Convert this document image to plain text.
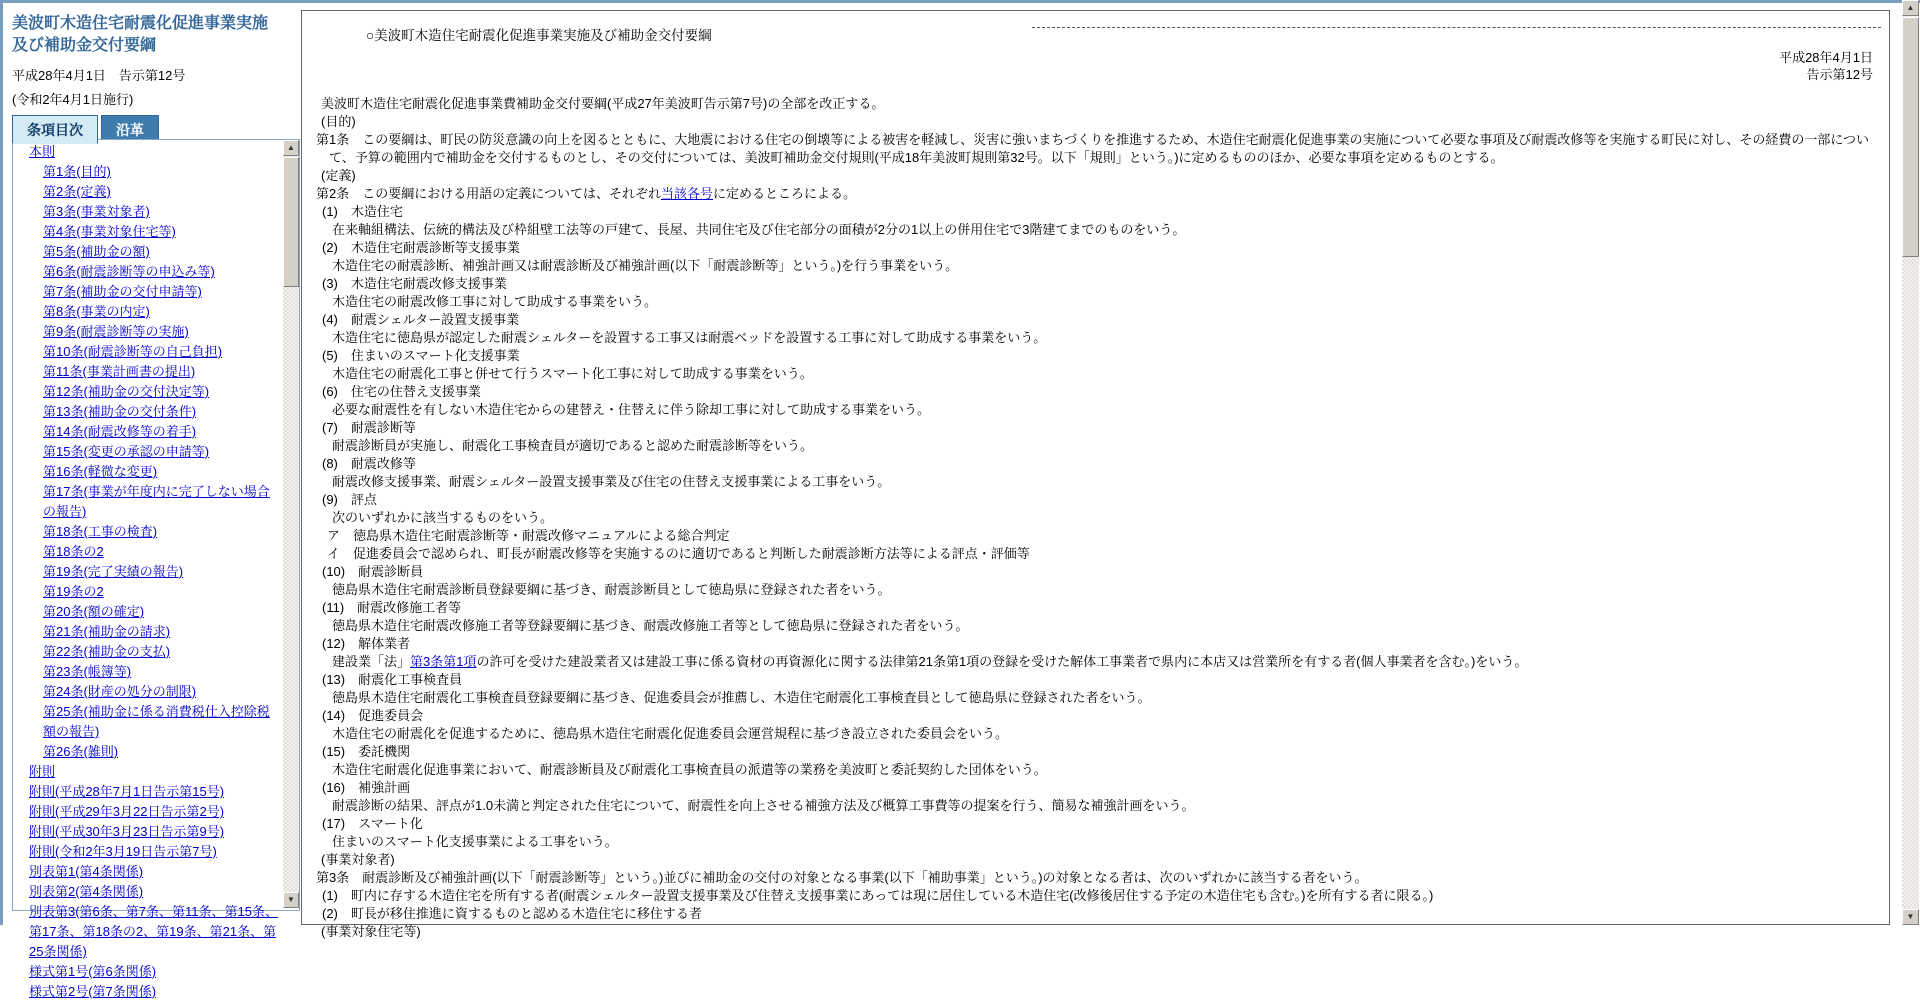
美波町木造住宅耐震化促進事業実施及び補助金交付要綱
平成28年4月1日　告示第12号
(令和2年4月1日施行)
条項目次	沿革
本則
第1条(目的)
第2条(定義)
第3条(事業対象者)
第4条(事業対象住宅等)
第5条(補助金の額)
第6条(耐震診断等の申込み等)
第7条(補助金の交付申請等)
第8条(事業の内定)
第9条(耐震診断等の実施)
第10条(耐震診断等の自己負担)
第11条(事業計画書の提出)
第12条(補助金の交付決定等)
第13条(補助金の交付条件)
第14条(耐震改修等の着手)
第15条(変更の承認の申請等)
第16条(軽微な変更)
第17条(事業が年度内に完了しない場合の報告)
第18条(工事の検査)
第18条の2
第19条(完了実績の報告)
第19条の2
第20条(額の確定)
第21条(補助金の請求)
第22条(補助金の支払)
第23条(帳簿等)
第24条(財産の処分の制限)
第25条(補助金に係る消費税仕入控除税額の報告)
第26条(雑則)
附則
附則(平成28年7月1日告示第15号)
附則(平成29年3月22日告示第2号)
附則(平成30年3月23日告示第9号)
附則(令和2年3月19日告示第7号)
別表第1(第4条関係)
別表第2(第4条関係)
別表第3(第6条、第7条、第11条、第15条、第17条、第18条の2、第19条、第21条、第25条関係)
様式第1号(第6条関係)
様式第2号(第7条関係)
▲
▼
○美波町木造住宅耐震化促進事業実施及び補助金交付要綱
平成28年4月1日
告示第12号
美波町木造住宅耐震化促進事業費補助金交付要綱(平成27年美波町告示第7号)の全部を改正する。
(目的)
第1条　この要綱は、町民の防災意識の向上を図るとともに、大地震における住宅の倒壊等による被害を軽減し、災害に強いまちづくりを推進するため、木造住宅耐震化促進事業の実施について必要な事項及び耐震改修等を実施する町民に対し、その経費の一部について、予算の範囲内で補助金を交付するものとし、その交付については、美波町補助金交付規則(平成18年美波町規則第32号。以下「規則」という。)に定めるもののほか、必要な事項を定めるものとする。
(定義)
第2条　この要綱における用語の定義については、それぞれ当該各号に定めるところによる。
(1)　木造住宅
在来軸組構法、伝統的構法及び枠組壁工法等の戸建て、長屋、共同住宅及び住宅部分の面積が2分の1以上の併用住宅で3階建てまでのものをいう。
(2)　木造住宅耐震診断等支援事業
木造住宅の耐震診断、補強計画又は耐震診断及び補強計画(以下「耐震診断等」という。)を行う事業をいう。
(3)　木造住宅耐震改修支援事業
木造住宅の耐震改修工事に対して助成する事業をいう。
(4)　耐震シェルター設置支援事業
木造住宅に徳島県が認定した耐震シェルターを設置する工事又は耐震ベッドを設置する工事に対して助成する事業をいう。
(5)　住まいのスマート化支援事業
木造住宅の耐震化工事と併せて行うスマート化工事に対して助成する事業をいう。
(6)　住宅の住替え支援事業
必要な耐震性を有しない木造住宅からの建替え・住替えに伴う除却工事に対して助成する事業をいう。
(7)　耐震診断等
耐震診断員が実施し、耐震化工事検査員が適切であると認めた耐震診断等をいう。
(8)　耐震改修等
耐震改修支援事業、耐震シェルター設置支援事業及び住宅の住替え支援事業による工事をいう。
(9)　評点
次のいずれかに該当するものをいう。
ア　徳島県木造住宅耐震診断等・耐震改修マニュアルによる総合判定
イ　促進委員会で認められ、町長が耐震改修等を実施するのに適切であると判断した耐震診断方法等による評点・評価等
(10)　耐震診断員
徳島県木造住宅耐震診断員登録要綱に基づき、耐震診断員として徳島県に登録された者をいう。
(11)　耐震改修施工者等
徳島県木造住宅耐震改修施工者等登録要綱に基づき、耐震改修施工者等として徳島県に登録された者をいう。
(12)　解体業者
建設業「法」第3条第1項の許可を受けた建設業者又は建設工事に係る資材の再資源化に関する法律第21条第1項の登録を受けた解体工事業者で県内に本店又は営業所を有する者(個人事業者を含む。)をいう。
(13)　耐震化工事検査員
徳島県木造住宅耐震化工事検査員登録要綱に基づき、促進委員会が推薦し、木造住宅耐震化工事検査員として徳島県に登録された者をいう。
(14)　促進委員会
木造住宅の耐震化を促進するために、徳島県木造住宅耐震化促進委員会運営規程に基づき設立された委員会をいう。
(15)　委託機関
木造住宅耐震化促進事業において、耐震診断員及び耐震化工事検査員の派遣等の業務を美波町と委託契約した団体をいう。
(16)　補強計画
耐震診断の結果、評点が1.0未満と判定された住宅について、耐震性を向上させる補強方法及び概算工事費等の提案を行う、簡易な補強計画をいう。
(17)　スマート化
住まいのスマート化支援事業による工事をいう。
(事業対象者)
第3条　耐震診断及び補強計画(以下「耐震診断等」という。)並びに補助金の交付の対象となる事業(以下「補助事業」という。)の対象となる者は、次のいずれかに該当する者をいう。
(1)　町内に存する木造住宅を所有する者(耐震シェルター設置支援事業及び住替え支援事業にあっては現に居住している木造住宅(改修後居住する予定の木造住宅も含む。)を所有する者に限る。)
(2)　町長が移住推進に資するものと認める木造住宅に移住する者
(事業対象住宅等)
▲
▼
